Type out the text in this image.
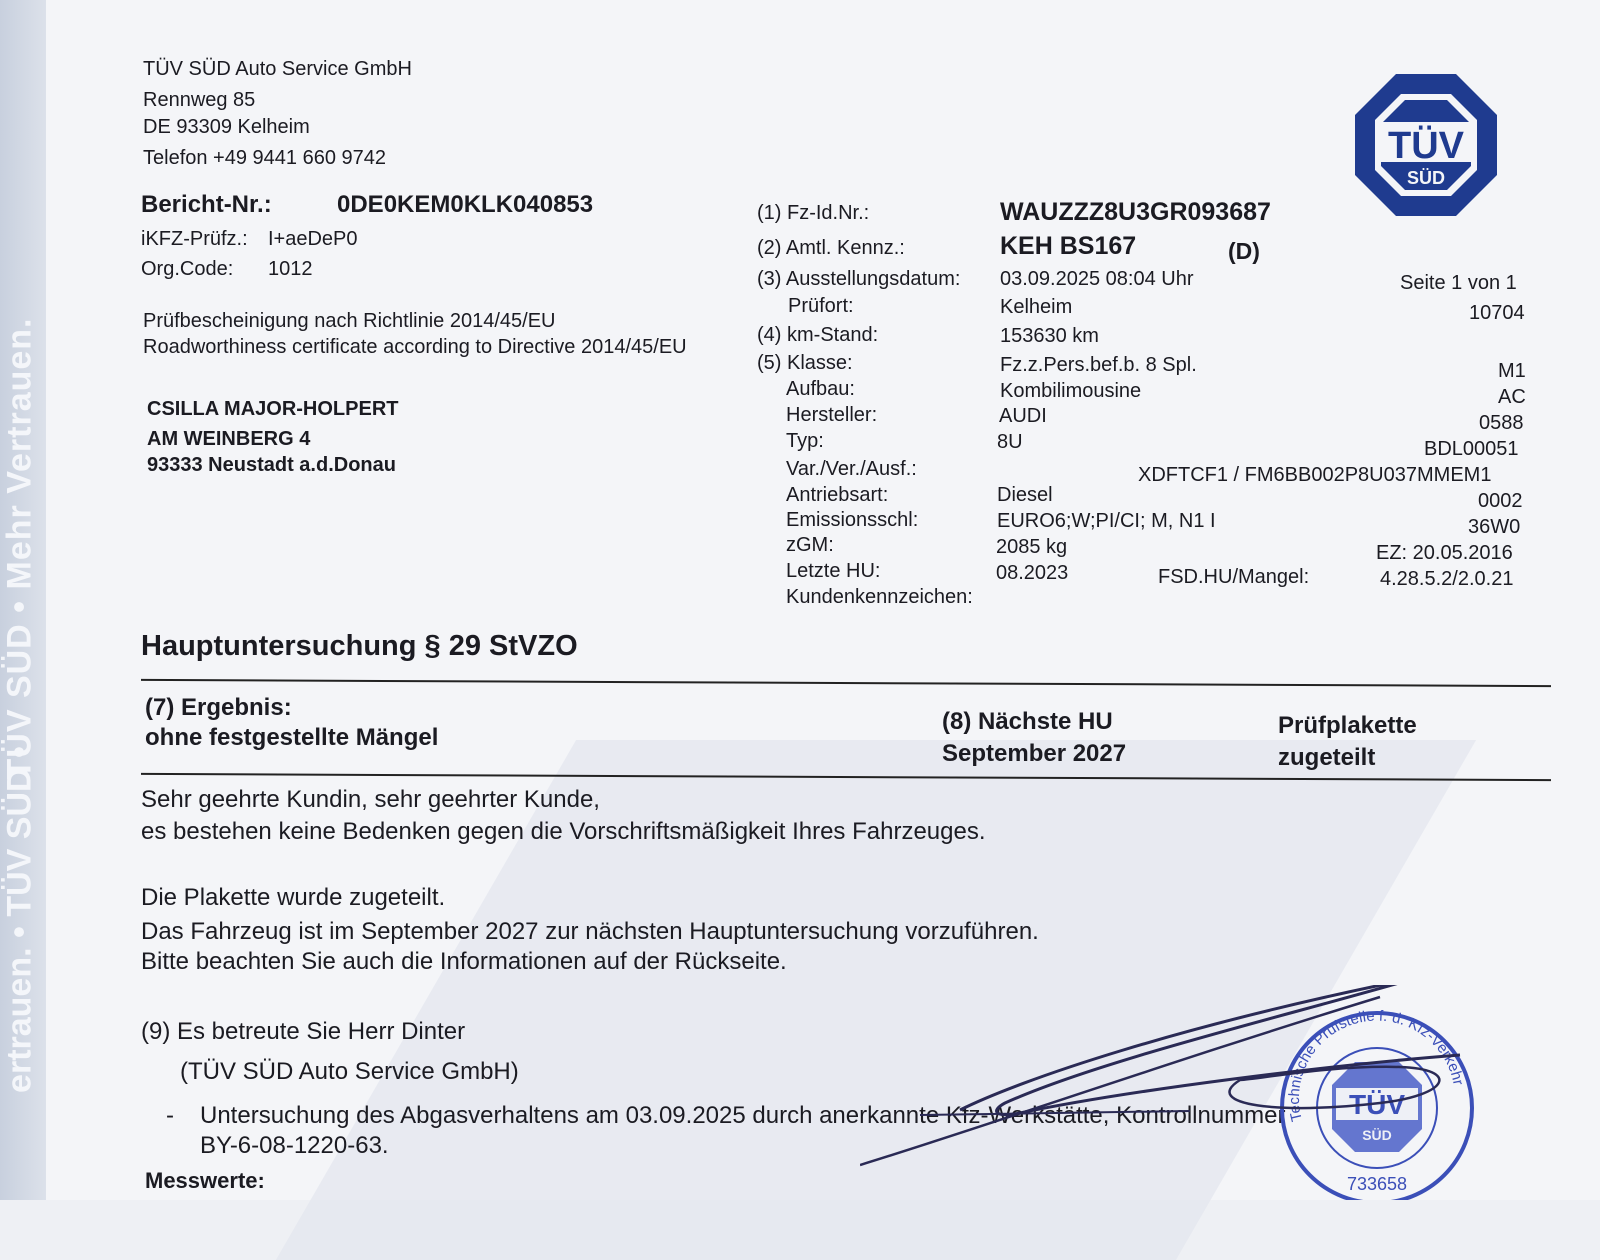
TÜV SÜD • Mehr Vertrauen.
ertrauen. • TÜV SÜD •
TÜV SÜD Auto Service GmbH
Rennweg 85
DE 93309 Kelheim
Telefon +49 9441 660 9742	TÜV
SÜD
Bericht-Nr.:	0DE0KEM0KLK040853
iKFZ-Prüfz.: I+aeDeP0
Org.Code: 1012
Prüfbescheinigung nach Richtlinie 2014/45/EU
Roadworthiness certificate according to Directive 2014/45/EU
CSILLA MAJOR-HOLPERT
AM WEINBERG 4
93333 Neustadt a.d.Donau
(1) Fz-Id.Nr.:	WAUZZZ8U3GR093687
(2) Amtl. Kennz.:	KEH BS167	(D)
(3) Ausstellungsdatum: 03.09.2025 08:04 Uhr	Seite 1 von 1
Prüfort:	Kelheim	10704
(4) km-Stand:	153630 km
(5) Klasse:	Fz.z.Pers.bef.b. 8 Spl.	M1
Aufbau:	Kombilimousine	AC
Hersteller:	AUDI	0588
Typ:	8U	BDL00051
Var./Ver./Ausf.:	XDFTCF1 / FM6BB002P8U037MMEM1
Antriebsart:	Diesel	0002
Emissionsschl:	EURO6;W;PI/CI; M, N1 I	36W0
zGM:	2085 kg	EZ: 20.05.2016
Letzte HU:	08.2023	FSD.HU/Mangel:	4.28.5.2/2.0.21
Kundenkennzeichen:
Hauptuntersuchung § 29 StVZO
(7) Ergebnis:
ohne festgestellte Mängel
(8) Nächste HU
September 2027
Prüfplakette
zugeteilt
Sehr geehrte Kundin, sehr geehrter Kunde,
es bestehen keine Bedenken gegen die Vorschriftsmäßigkeit Ihres Fahrzeuges.
Die Plakette wurde zugeteilt.
Das Fahrzeug ist im September 2027 zur nächsten Hauptuntersuchung vorzuführen.
Bitte beachten Sie auch die Informationen auf der Rückseite.
(9) Es betreute Sie Herr Dinter
(TÜV SÜD Auto Service GmbH)
- Untersuchung des Abgasverhaltens am 03.09.2025 durch anerkannte Kfz-Werkstätte, Kontrollnummer
BY-6-08-1220-63.
Messwerte:
Technische Prüfstelle f. d. Kfz-Verkehr
TÜV
SÜD
733658
